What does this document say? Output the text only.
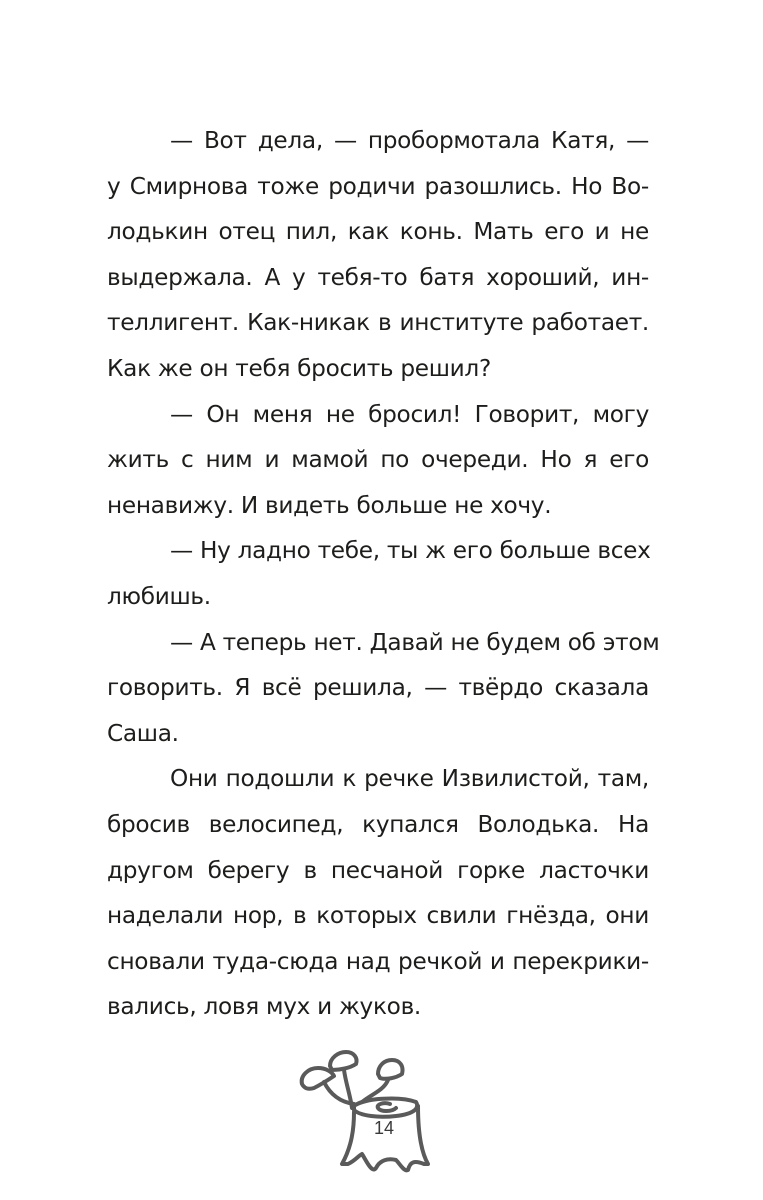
— Вот дела, — пробормотала Катя, —
у Смирнова тоже родичи разошлись. Но Во-
лодькин отец пил, как конь. Мать его и не
выдержала. А у тебя-то батя хороший, ин-
теллигент. Как-никак в институте работает.
Как же он тебя бросить решил?
— Он меня не бросил! Говорит, могу
жить с ним и мамой по очереди. Но я его
ненавижу. И видеть больше не хочу.
— Ну ладно тебе, ты ж его больше всех
любишь.
— А теперь нет. Давай не будем об этом
говорить. Я всё решила, — твёрдо сказала
Саша.
Они подошли к речке Извилистой, там,
бросив велосипед, купался Володька. На
другом берегу в песчаной горке ласточки
наделали нор, в которых свили гнёзда, они
сновали туда-сюда над речкой и перекрики-
вались, ловя мух и жуков.
14
